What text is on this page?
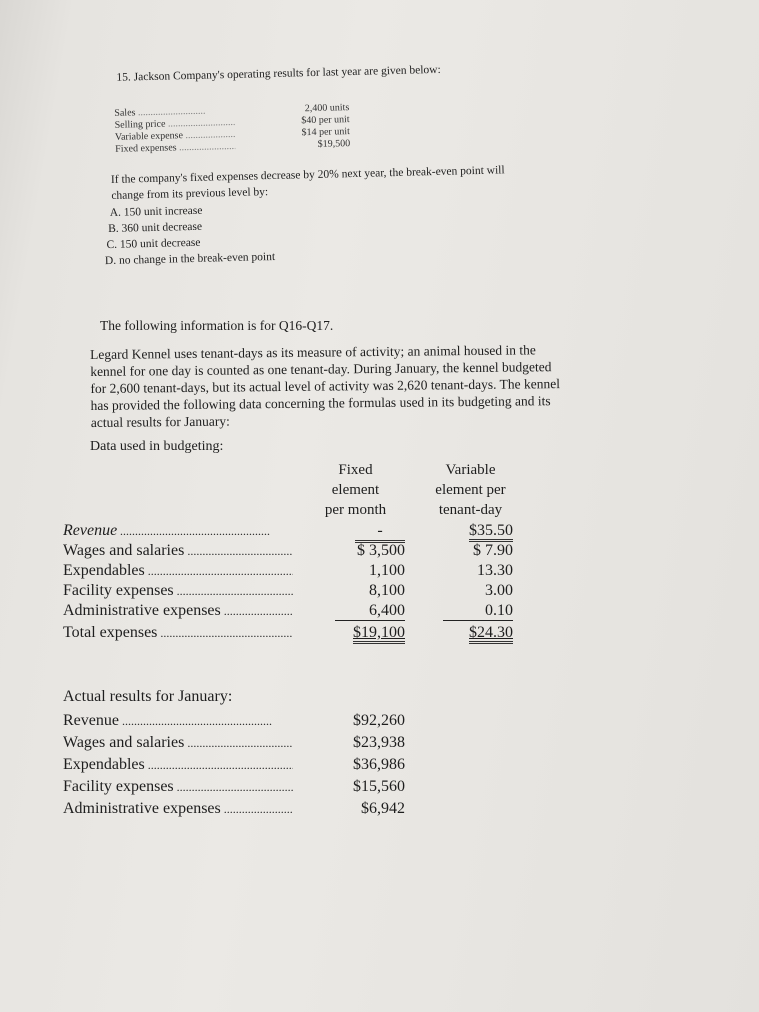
15. Jackson Company's operating results for last year are given below:
Sales .....	2,400 units
Selling price .....	$40 per unit
Variable expense .....	$14 per unit
Fixed expenses .....	$19,500
If the company's fixed expenses decrease by 20% next year, the break-even point will
change from its previous level by:
A. 150 unit increase
B. 360 unit decrease
C. 150 unit decrease
D. no change in the break-even point
The following information is for Q16-Q17.
Legard Kennel uses tenant-days as its measure of activity; an animal housed in the
kennel for one day is counted as one tenant-day. During January, the kennel budgeted
for 2,600 tenant-days, but its actual level of activity was 2,620 tenant-days. The kennel
has provided the following data concerning the formulas used in its budgeting and its
actual results for January:
Data used in budgeting:
Fixed
element
per month
Variable
element per
tenant-day
Revenue .....	-	$35.50
Wages and salaries .....	$ 3,500	$ 7.90
Expendables .....	1,100	13.30
Facility expenses .....	8,100	3.00
Administrative expenses .....	6,400	0.10
Total expenses .....	$19,100	$24.30
Actual results for January:
Revenue .....	$92,260
Wages and salaries .....	$23,938
Expendables .....	$36,986
Facility expenses .....	$15,560
Administrative expenses .....	$6,942
